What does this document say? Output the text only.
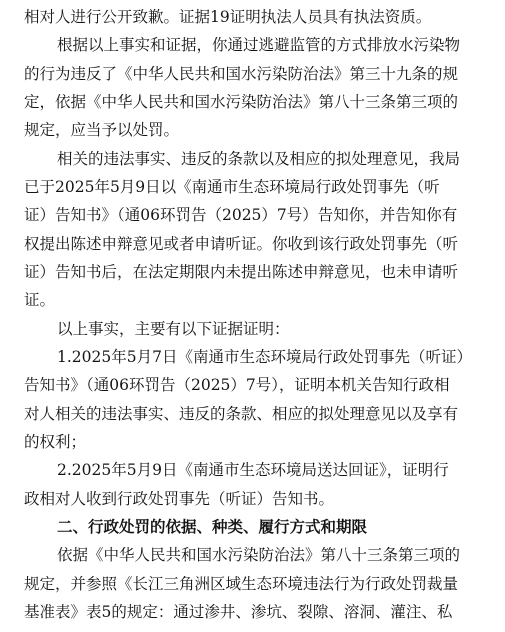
相对人进行公开致歉。证据19证明执法人员具有执法资质。
根据以上事实和证据，你通过逃避监管的方式排放水污染物
的行为违反了《中华人民共和国水污染防治法》第三十九条的规
定，依据《中华人民共和国水污染防治法》第八十三条第三项的
规定，应当予以处罚。
相关的违法事实、违反的条款以及相应的拟处理意见，我局
已于2025年5月9日以《南通市生态环境局行政处罚事先（听
证）告知书》（通06环罚告（2025）7号）告知你，并告知你有
权提出陈述申辩意见或者申请听证。你收到该行政处罚事先（听
证）告知书后，在法定期限内未提出陈述申辩意见，也未申请听
证。
以上事实，主要有以下证据证明：
1.2025年5月7日《南通市生态环境局行政处罚事先（听证）
告知书》（通06环罚告（2025）7号），证明本机关告知行政相
对人相关的违法事实、违反的条款、相应的拟处理意见以及享有
的权利；
2.2025年5月9日《南通市生态环境局送达回证》，证明行
政相对人收到行政处罚事先（听证）告知书。
二、行政处罚的依据、种类、履行方式和期限
依据《中华人民共和国水污染防治法》第八十三条第三项的
规定，并参照《长江三角洲区域生态环境违法行为行政处罚裁量
基准表》表5的规定：通过渗井、渗坑、裂隙、溶洞、灌注、私
